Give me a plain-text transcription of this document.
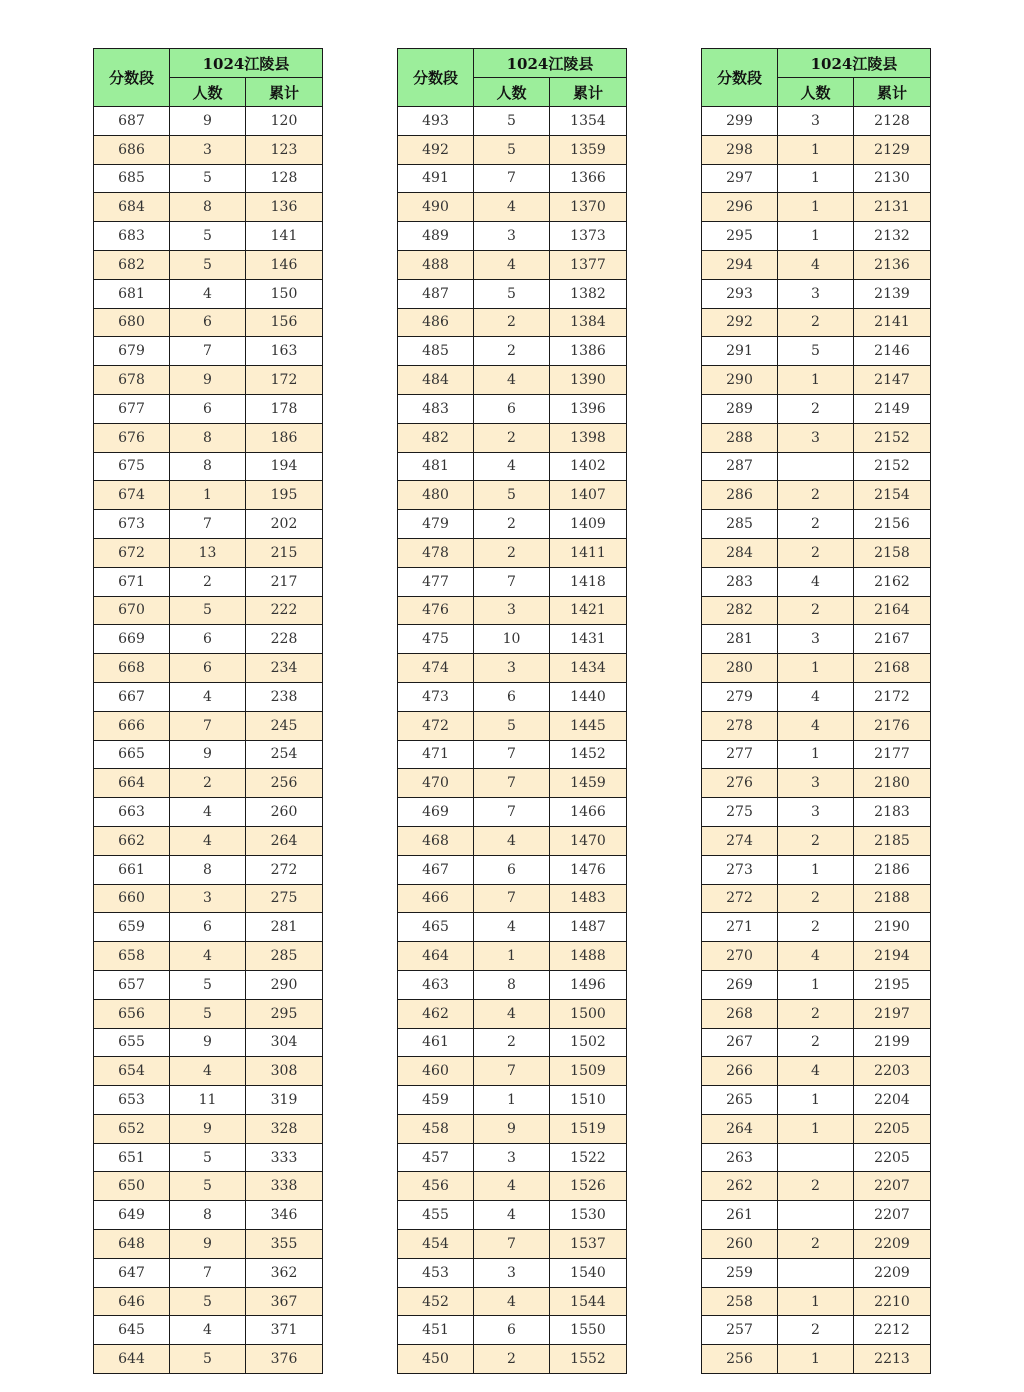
分数段	1024江陵县	
	人数	累计
687	9	120
686	3	123
685	5	128
684	8	136
683	5	141
682	5	146
681	4	150
680	6	156
679	7	163
678	9	172
677	6	178
676	8	186
675	8	194
674	1	195
673	7	202
672	13	215
671	2	217
670	5	222
669	6	228
668	6	234
667	4	238
666	7	245
665	9	254
664	2	256
663	4	260
662	4	264
661	8	272
660	3	275
659	6	281
658	4	285
657	5	290
656	5	295
655	9	304
654	4	308
653	11	319
652	9	328
651	5	333
650	5	338
649	8	346
648	9	355
647	7	362
646	5	367
645	4	371
644	5	376
分数段	1024江陵县	
	人数	累计
493	5	1354
492	5	1359
491	7	1366
490	4	1370
489	3	1373
488	4	1377
487	5	1382
486	2	1384
485	2	1386
484	4	1390
483	6	1396
482	2	1398
481	4	1402
480	5	1407
479	2	1409
478	2	1411
477	7	1418
476	3	1421
475	10	1431
474	3	1434
473	6	1440
472	5	1445
471	7	1452
470	7	1459
469	7	1466
468	4	1470
467	6	1476
466	7	1483
465	4	1487
464	1	1488
463	8	1496
462	4	1500
461	2	1502
460	7	1509
459	1	1510
458	9	1519
457	3	1522
456	4	1526
455	4	1530
454	7	1537
453	3	1540
452	4	1544
451	6	1550
450	2	1552
分数段	1024江陵县	
	人数	累计
299	3	2128
298	1	2129
297	1	2130
296	1	2131
295	1	2132
294	4	2136
293	3	2139
292	2	2141
291	5	2146
290	1	2147
289	2	2149
288	3	2152
287		2152
286	2	2154
285	2	2156
284	2	2158
283	4	2162
282	2	2164
281	3	2167
280	1	2168
279	4	2172
278	4	2176
277	1	2177
276	3	2180
275	3	2183
274	2	2185
273	1	2186
272	2	2188
271	2	2190
270	4	2194
269	1	2195
268	2	2197
267	2	2199
266	4	2203
265	1	2204
264	1	2205
263		2205
262	2	2207
261		2207
260	2	2209
259		2209
258	1	2210
257	2	2212
256	1	2213
